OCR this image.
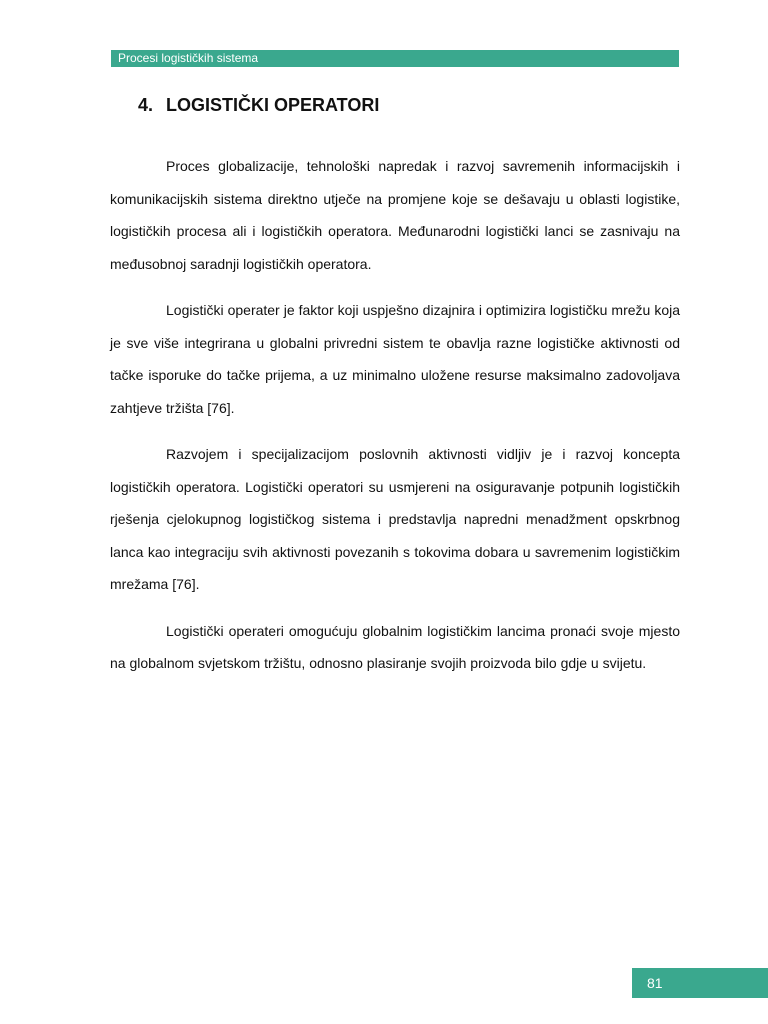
Procesi logističkih sistema
4. LOGISTIČKI OPERATORI

Proces globalizacije, tehnološki napredak i razvoj savremenih informacijskih i komunikacijskih sistema direktno utječe na promjene koje se dešavaju u oblasti logistike, logističkih procesa ali i logističkih operatora. Međunarodni logistički lanci se zasnivaju na međusobnoj saradnji logističkih operatora.

Logistički operater je faktor koji uspješno dizajnira i optimizira logističku mrežu koja je sve više integrirana u globalni privredni sistem te obavlja razne logističke aktivnosti od tačke isporuke do tačke prijema, a uz minimalno uložene resurse maksimalno zadovoljava zahtjeve tržišta [76].

Razvojem i specijalizacijom poslovnih aktivnosti vidljiv je i razvoj koncepta logističkih operatora. Logistički operatori su usmjereni na osiguravanje potpunih logističkih rješenja cjelokupnog logističkog sistema i predstavlja napredni menadžment opskrbnog lanca kao integraciju svih aktivnosti povezanih s tokovima dobara u savremenim logističkim mrežama [76].

Logistički operateri omogućuju globalnim logističkim lancima pronaći svoje mjesto na globalnom svjetskom tržištu, odnosno plasiranje svojih proizvoda bilo gdje u svijetu.

81
